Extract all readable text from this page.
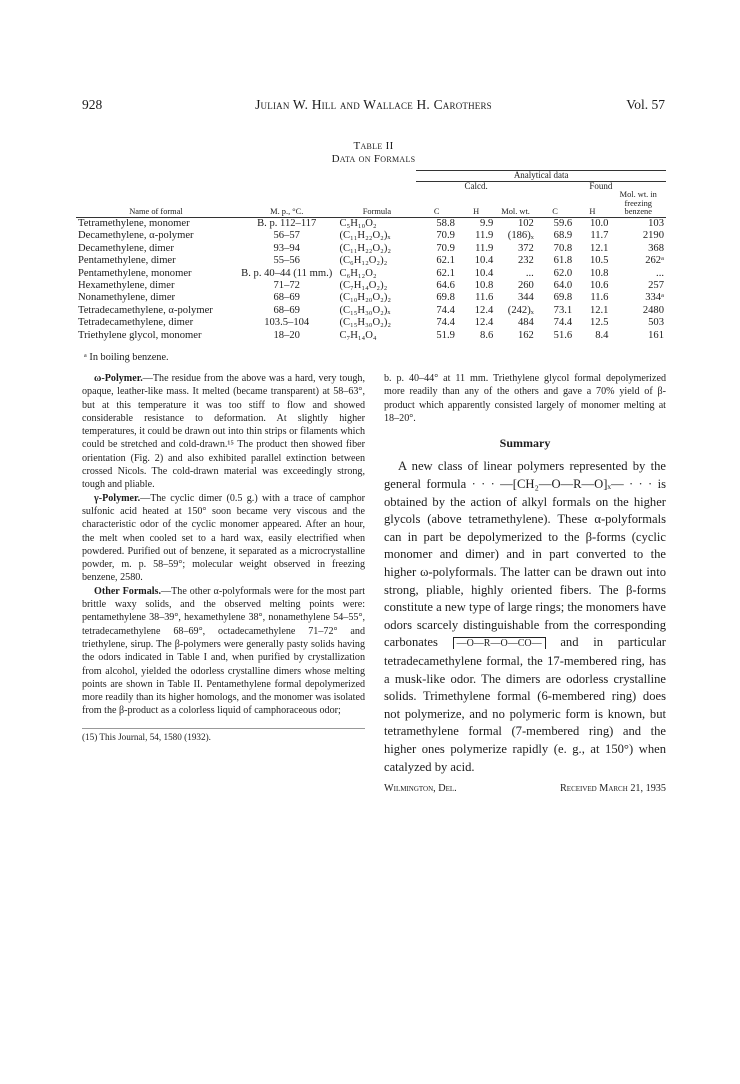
928	Julian W. Hill and Wallace H. Carothers	Vol. 57
Table II
Data on Formals
			Analytical data					
			Calcd.			Found		
Name of formal	M. p., °C.	Formula	C	H	Mol. wt.	C	H	Mol. wt. in freezing benzene
Tetramethylene, monomer	B. p. 112–117	C₅H₁₀O₂	58.8	9.9	102	59.6	10.0	103
Decamethylene, α-polymer	56–57	(C₁₁H₂₂O₂)ₓ	70.9	11.9	(186)ₓ	68.9	11.7	2190
Decamethylene, dimer	93–94	(C₁₁H₂₂O₂)₂	70.9	11.9	372	70.8	12.1	368
Pentamethylene, dimer	55–56	(C₆H₁₂O₂)₂	62.1	10.4	232	61.8	10.5	262ᵃ
Pentamethylene, monomer	B. p. 40–44 (11 mm.)	C₆H₁₂O₂	62.1	10.4	...	62.0	10.8	...
Hexamethylene, dimer	71–72	(C₇H₁₄O₂)₂	64.6	10.8	260	64.0	10.6	257
Nonamethylene, dimer	68–69	(C₁₀H₂₀O₂)₂	69.8	11.6	344	69.8	11.6	334ᵃ
Tetradecamethylene, α-polymer	68–69	(C₁₅H₃₀O₂)ₓ	74.4	12.4	(242)ₓ	73.1	12.1	2480
Tetradecamethylene, dimer	103.5–104	(C₁₅H₃₀O₂)₂	74.4	12.4	484	74.4	12.5	503
Triethylene glycol, monomer	18–20	C₇H₁₄O₄	51.9	8.6	162	51.6	8.4	161
ᵃ In boiling benzene.

ω-Polymer.—The residue from the above was a hard, very tough, opaque, leather-like mass. It melted (became transparent) at 58–63°, but at this temperature it was too stiff to flow and showed considerable resistance to deformation. At slightly higher temperatures, it could be drawn out into thin strips or filaments which could be stretched and cold-drawn.¹⁵ The product then showed fiber orientation (Fig. 2) and also exhibited parallel extinction between crossed Nicols. The cold-drawn material was exceedingly strong, tough and pliable.

γ-Polymer.—The cyclic dimer (0.5 g.) with a trace of camphor sulfonic acid heated at 150° soon became very viscous and the characteristic odor of the cyclic monomer appeared. After an hour, the melt when cooled set to a hard wax, easily electrified when powdered. Purified out of benzene, it separated as a microcrystalline powder, m. p. 58–59°; molecular weight observed in freezing benzene, 2580.

Other Formals.—The other α-polyformals were for the most part brittle waxy solids, and the observed melting points were: pentamethylene 38–39°, hexamethylene 38°, nonamethylene 54–55°, tetradecamethylene 68–69°, octadecamethylene 71–72° and triethylene, sirup. The β-polymers were generally pasty solids having the odors indicated in Table I and, when purified by crystallization from alcohol, yielded the odorless crystalline dimers whose melting points are shown in Table II. Pentamethylene formal depolymerized more readily than its higher homologs, and the monomer was isolated from the β-product as a colorless liquid of camphoraceous odor;

(15) This Journal, 54, 1580 (1932).

b. p. 40–44° at 11 mm. Triethylene glycol formal depolymerized more readily than any of the others and gave a 70% yield of β-product which apparently consisted largely of monomer melting at 18–20°.

Summary

A new class of linear polymers represented by the general formula · · · —[CH₂—O—R—O]ₓ— · · · is obtained by the action of alkyl formals on the higher glycols (above tetramethylene). These α-polyformals can in part be depolymerized to the β-forms (cyclic monomer and dimer) and in part converted to the higher ω-polyformals. The latter can be drawn out into strong, pliable, highly oriented fibers. The β-forms constitute a new type of large rings; the monomers have odors scarcely distinguishable from the corresponding carbonates —O—R—O—CO— and in particular tetradecamethylene formal, the 17-membered ring, has a musk-like odor. The dimers are odorless crystalline solids. Trimethylene formal (6-membered ring) does not polymerize, and no polymeric form is known, but tetramethylene formal (7-membered ring) and the higher ones polymerize rapidly (e. g., at 150°) when catalyzed by acid.

Wilmington, Del.	Received March 21, 1935
